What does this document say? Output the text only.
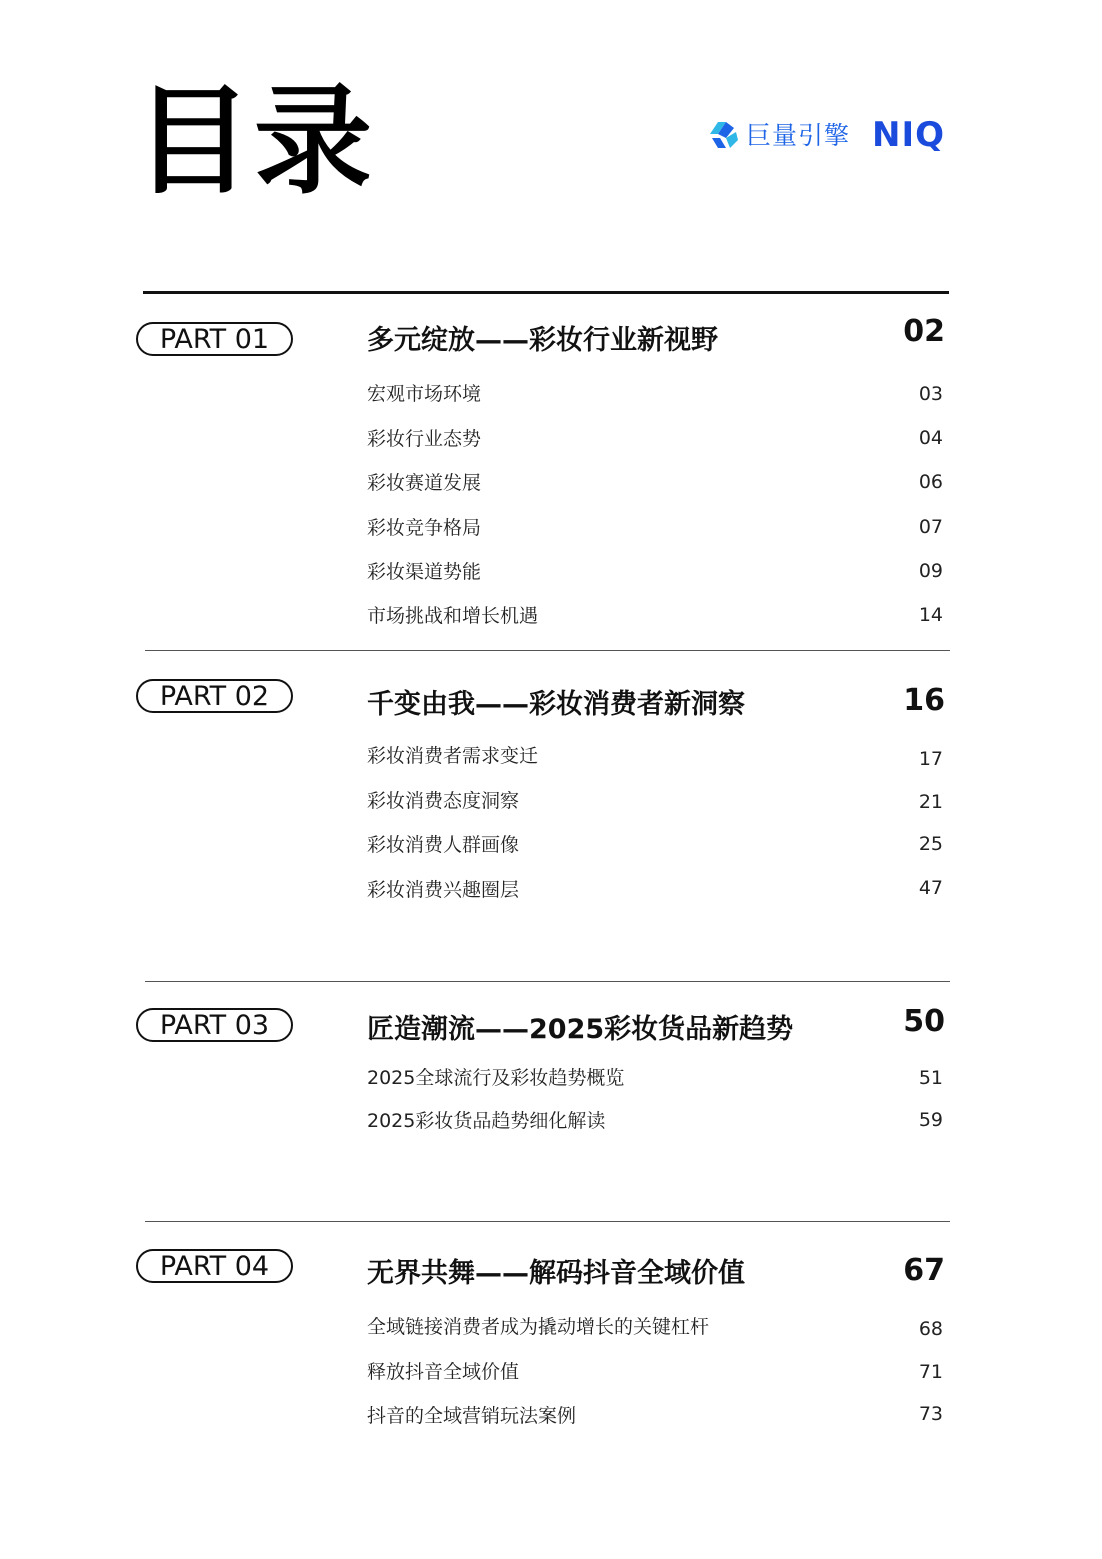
目录	巨量引擎 NIQ
PART 01	多元绽放——彩妆行业新视野	02
宏观市场环境	03
彩妆行业态势	04
彩妆赛道发展	06
彩妆竞争格局	07
彩妆渠道势能	09
市场挑战和增长机遇	14
PART 02	千变由我——彩妆消费者新洞察	16
彩妆消费者需求变迁	17
彩妆消费态度洞察	21
彩妆消费人群画像	25
彩妆消费兴趣圈层	47
PART 03	匠造潮流——2025彩妆货品新趋势	50
2025全球流行及彩妆趋势概览	51
2025彩妆货品趋势细化解读	59
PART 04	无界共舞——解码抖音全域价值	67
全域链接消费者成为撬动增长的关键杠杆	68
释放抖音全域价值	71
抖音的全域营销玩法案例	73
